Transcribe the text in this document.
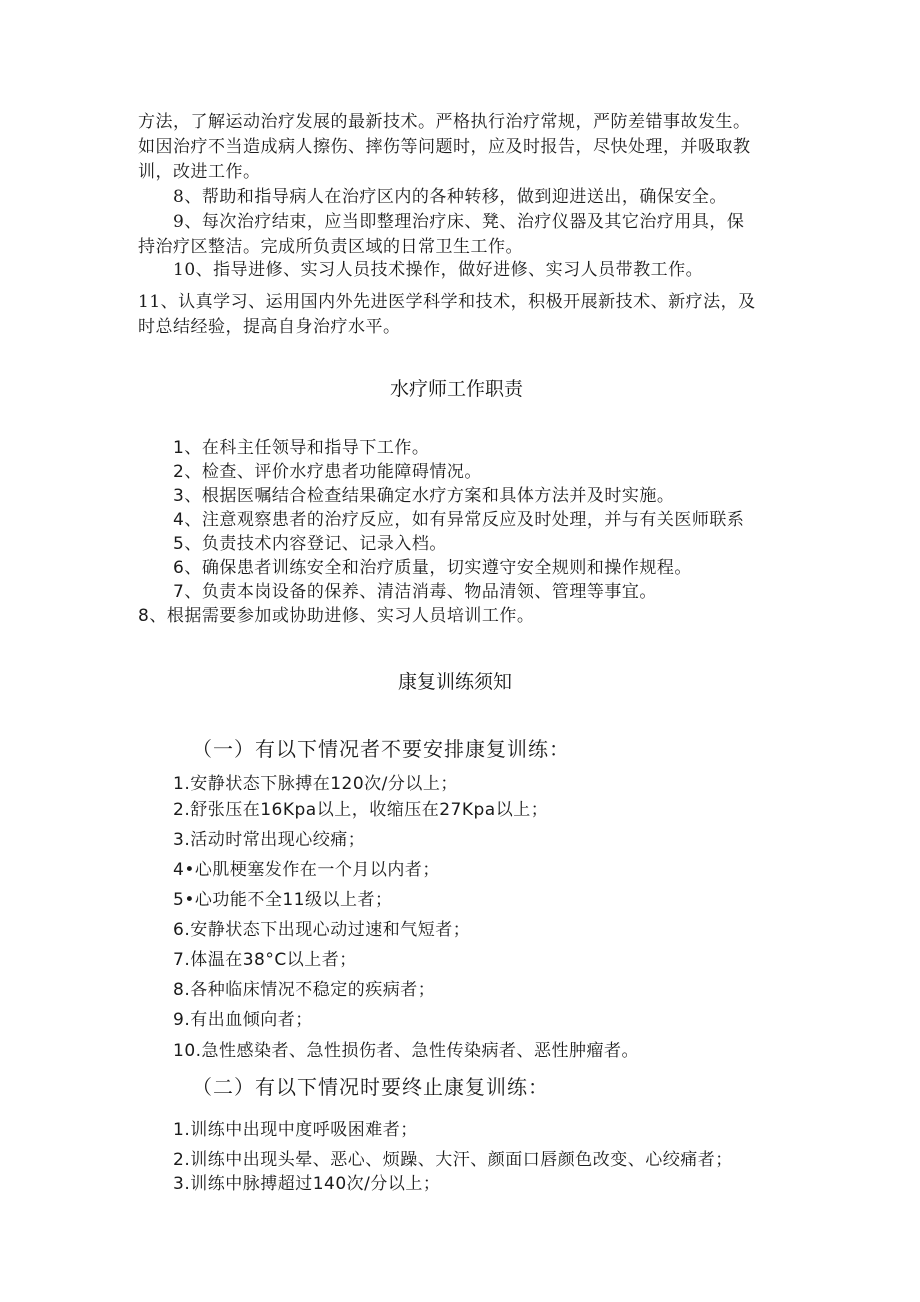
方法，了解运动治疗发展的最新技术。严格执行治疗常规，严防差错事故发生。
如因治疗不当造成病人擦伤、摔伤等问题时，应及时报告，尽快处理，并吸取教
训，改进工作。
8、帮助和指导病人在治疗区内的各种转移，做到迎进送出，确保安全。
9、每次治疗结束，应当即整理治疗床、凳、治疗仪器及其它治疗用具，保
持治疗区整洁。完成所负责区域的日常卫生工作。
10、指导进修、实习人员技术操作，做好进修、实习人员带教工作。
11、认真学习、运用国内外先进医学科学和技术，积极开展新技术、新疗法，及
时总结经验，提高自身治疗水平。
水疗师工作职责
1、在科主任领导和指导下工作。
2、检查、评价水疗患者功能障碍情况。
3、根据医嘱结合检查结果确定水疗方案和具体方法并及时实施。
4、注意观察患者的治疗反应，如有异常反应及时处理，并与有关医师联系
5、负责技术内容登记、记录入档。
6、确保患者训练安全和治疗质量，切实遵守安全规则和操作规程。
7、负责本岗设备的保养、清洁消毒、物品清领、管理等事宜。
8、根据需要参加或协助进修、实习人员培训工作。
康复训练须知
（一）有以下情况者不要安排康复训练：
1.安静状态下脉搏在120次/分以上；
2.舒张压在16Kpa以上，收缩压在27Kpa以上；
3.活动时常出现心绞痛；
4•心肌梗塞发作在一个月以内者；
5•心功能不全11级以上者；
6.安静状态下出现心动过速和气短者；
7.体温在38°C以上者；
8.各种临床情况不稳定的疾病者；
9.有出血倾向者；
10.急性感染者、急性损伤者、急性传染病者、恶性肿瘤者。
（二）有以下情况时要终止康复训练：
1.训练中出现中度呼吸困难者；
2.训练中出现头晕、恶心、烦躁、大汗、颜面口唇颜色改变、心绞痛者；
3.训练中脉搏超过140次/分以上；
